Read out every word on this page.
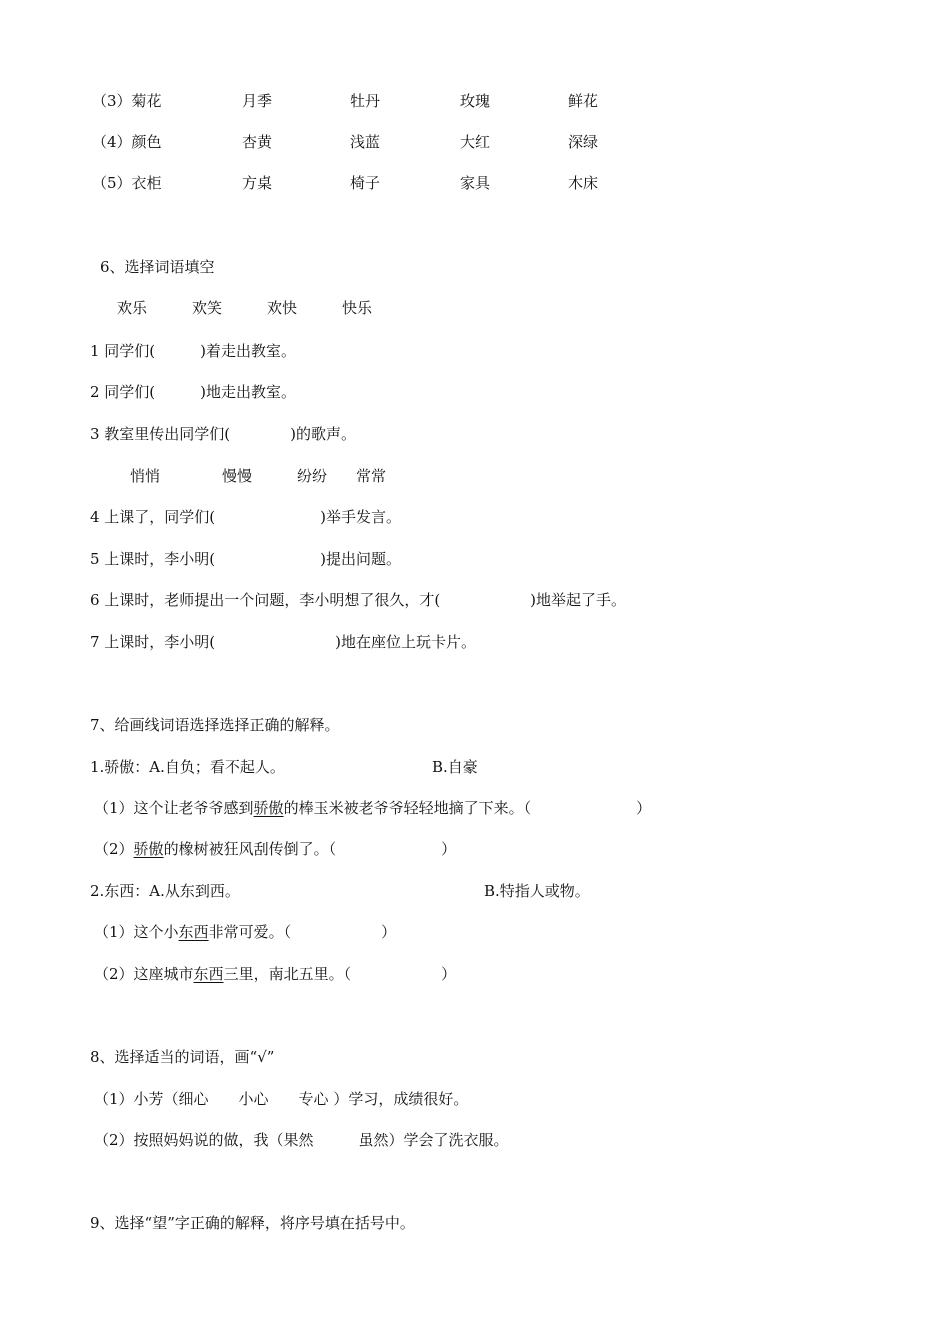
（3）菊花	月季	牡丹	玫瑰	鲜花
（4）颜色	杏黄	浅蓝	大红	深绿
（5）衣柜	方桌	椅子	家具	木床
6、选择词语填空
欢乐	欢笑	欢快	快乐
1 同学们(　　　)着走出教室。
2 同学们(　　　)地走出教室。
3 教室里传出同学们(　　　　)的歌声。
悄悄	慢慢	纷纷 常常
4 上课了，同学们(　　　　　　　)举手发言。
5 上课时，李小明(　　　　　　　)提出问题。
6 上课时，老师提出一个问题，李小明想了很久，才(　　　　　　)地举起了手。
7 上课时，李小明(　　　　　　　　)地在座位上玩卡片。
7、给画线词语选择选择正确的解释。
1.骄傲：A.自负；看不起人。	B.自豪
（1）这个让老爷爷感到骄傲的棒玉米被老爷爷轻轻地摘了下来。（　　　　　　　）
（2）骄傲的橡树被狂风刮传倒了。（　　　　　　　）
2.东西：A.从东到西。	B.特指人或物。
（1）这个小东西非常可爱。（　　　　　　）
（2）这座城市东西三里，南北五里。（　　　　　　）
8、选择适当的词语，画“√”
（1）小芳（细心　　小心　　专心 ）学习，成绩很好。
（2）按照妈妈说的做，我（果然　　　虽然）学会了洗衣服。
9、选择“望”字正确的解释，将序号填在括号中。
